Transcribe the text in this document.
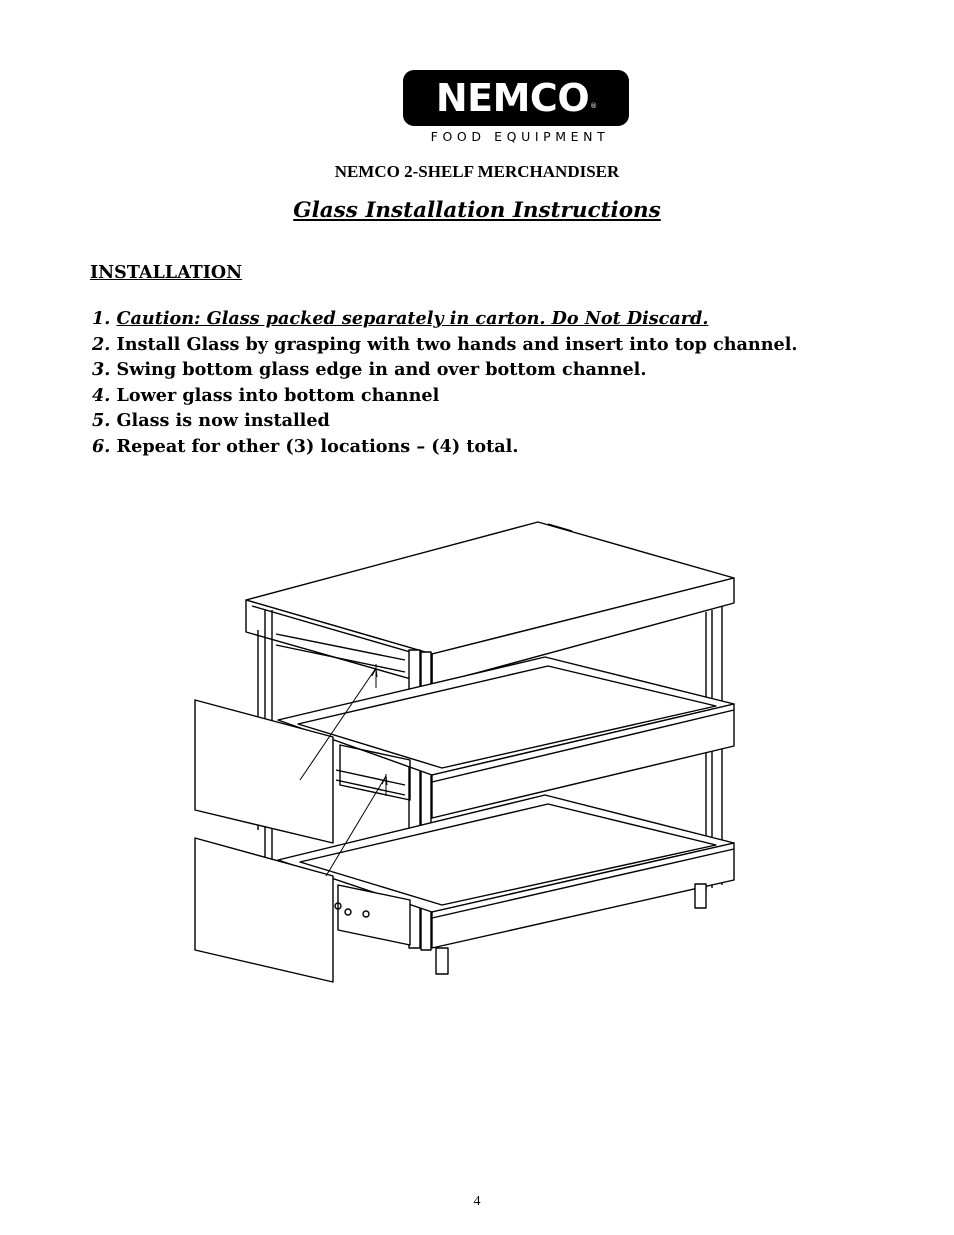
NEMCO ®
FOOD EQUIPMENT
NEMCO 2-SHELF MERCHANDISER
Glass Installation Instructions
INSTALLATION
1. Caution: Glass packed separately in carton. Do Not Discard.
2. Install Glass by grasping with two hands and insert into top channel.
3. Swing bottom glass edge in and over bottom channel.
4. Lower glass into bottom channel
5. Glass is now installed
6. Repeat for other (3) locations – (4) total.
4
